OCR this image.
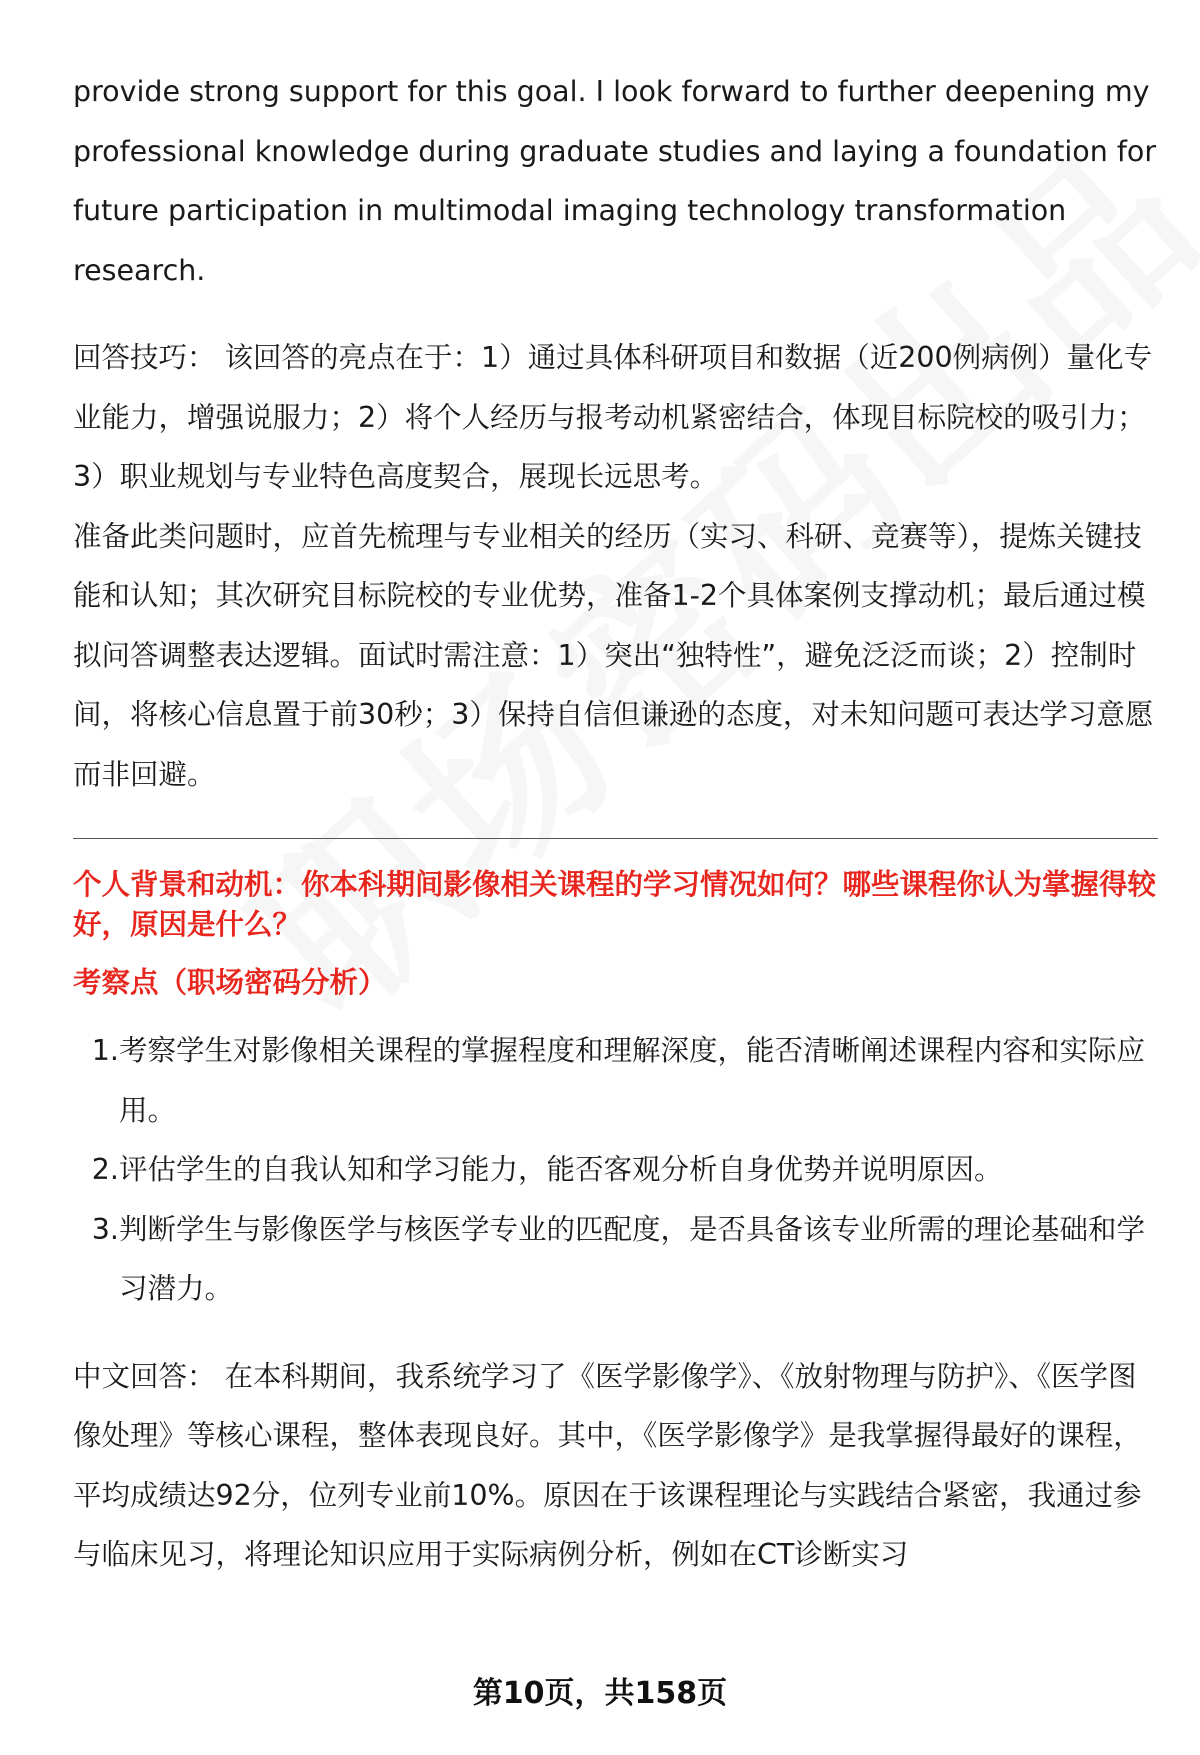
provide strong support for this goal. I look forward to further deepening my professional knowledge during graduate studies and laying a foundation for future participation in multimodal imaging technology transformation research.

回答技巧： 该回答的亮点在于：1）通过具体科研项目和数据（近200例病例）量化专业能力，增强说服力；2）将个人经历与报考动机紧密结合，体现目标院校的吸引力；3）职业规划与专业特色高度契合，展现长远思考。

准备此类问题时，应首先梳理与专业相关的经历（实习、科研、竞赛等），提炼关键技能和认知；其次研究目标院校的专业优势，准备1-2个具体案例支撑动机；最后通过模拟问答调整表达逻辑。面试时需注意：1）突出“独特性”，避免泛泛而谈；2）控制时间，将核心信息置于前30秒；3）保持自信但谦逊的态度，对未知问题可表达学习意愿而非回避。

个人背景和动机：你本科期间影像相关课程的学习情况如何？哪些课程你认为掌握得较好，原因是什么？

考察点（职场密码分析）

1. 考察学生对影像相关课程的掌握程度和理解深度，能否清晰阐述课程内容和实际应用。
2. 评估学生的自我认知和学习能力，能否客观分析自身优势并说明原因。
3. 判断学生与影像医学与核医学专业的匹配度，是否具备该专业所需的理论基础和学习潜力。

中文回答： 在本科期间，我系统学习了《医学影像学》、《放射物理与防护》、《医学图像处理》等核心课程，整体表现良好。其中，《医学影像学》是我掌握得最好的课程，平均成绩达92分，位列专业前10%。原因在于该课程理论与实践结合紧密，我通过参与临床见习，将理论知识应用于实际病例分析，例如在CT诊断实习

第10页，共158页
